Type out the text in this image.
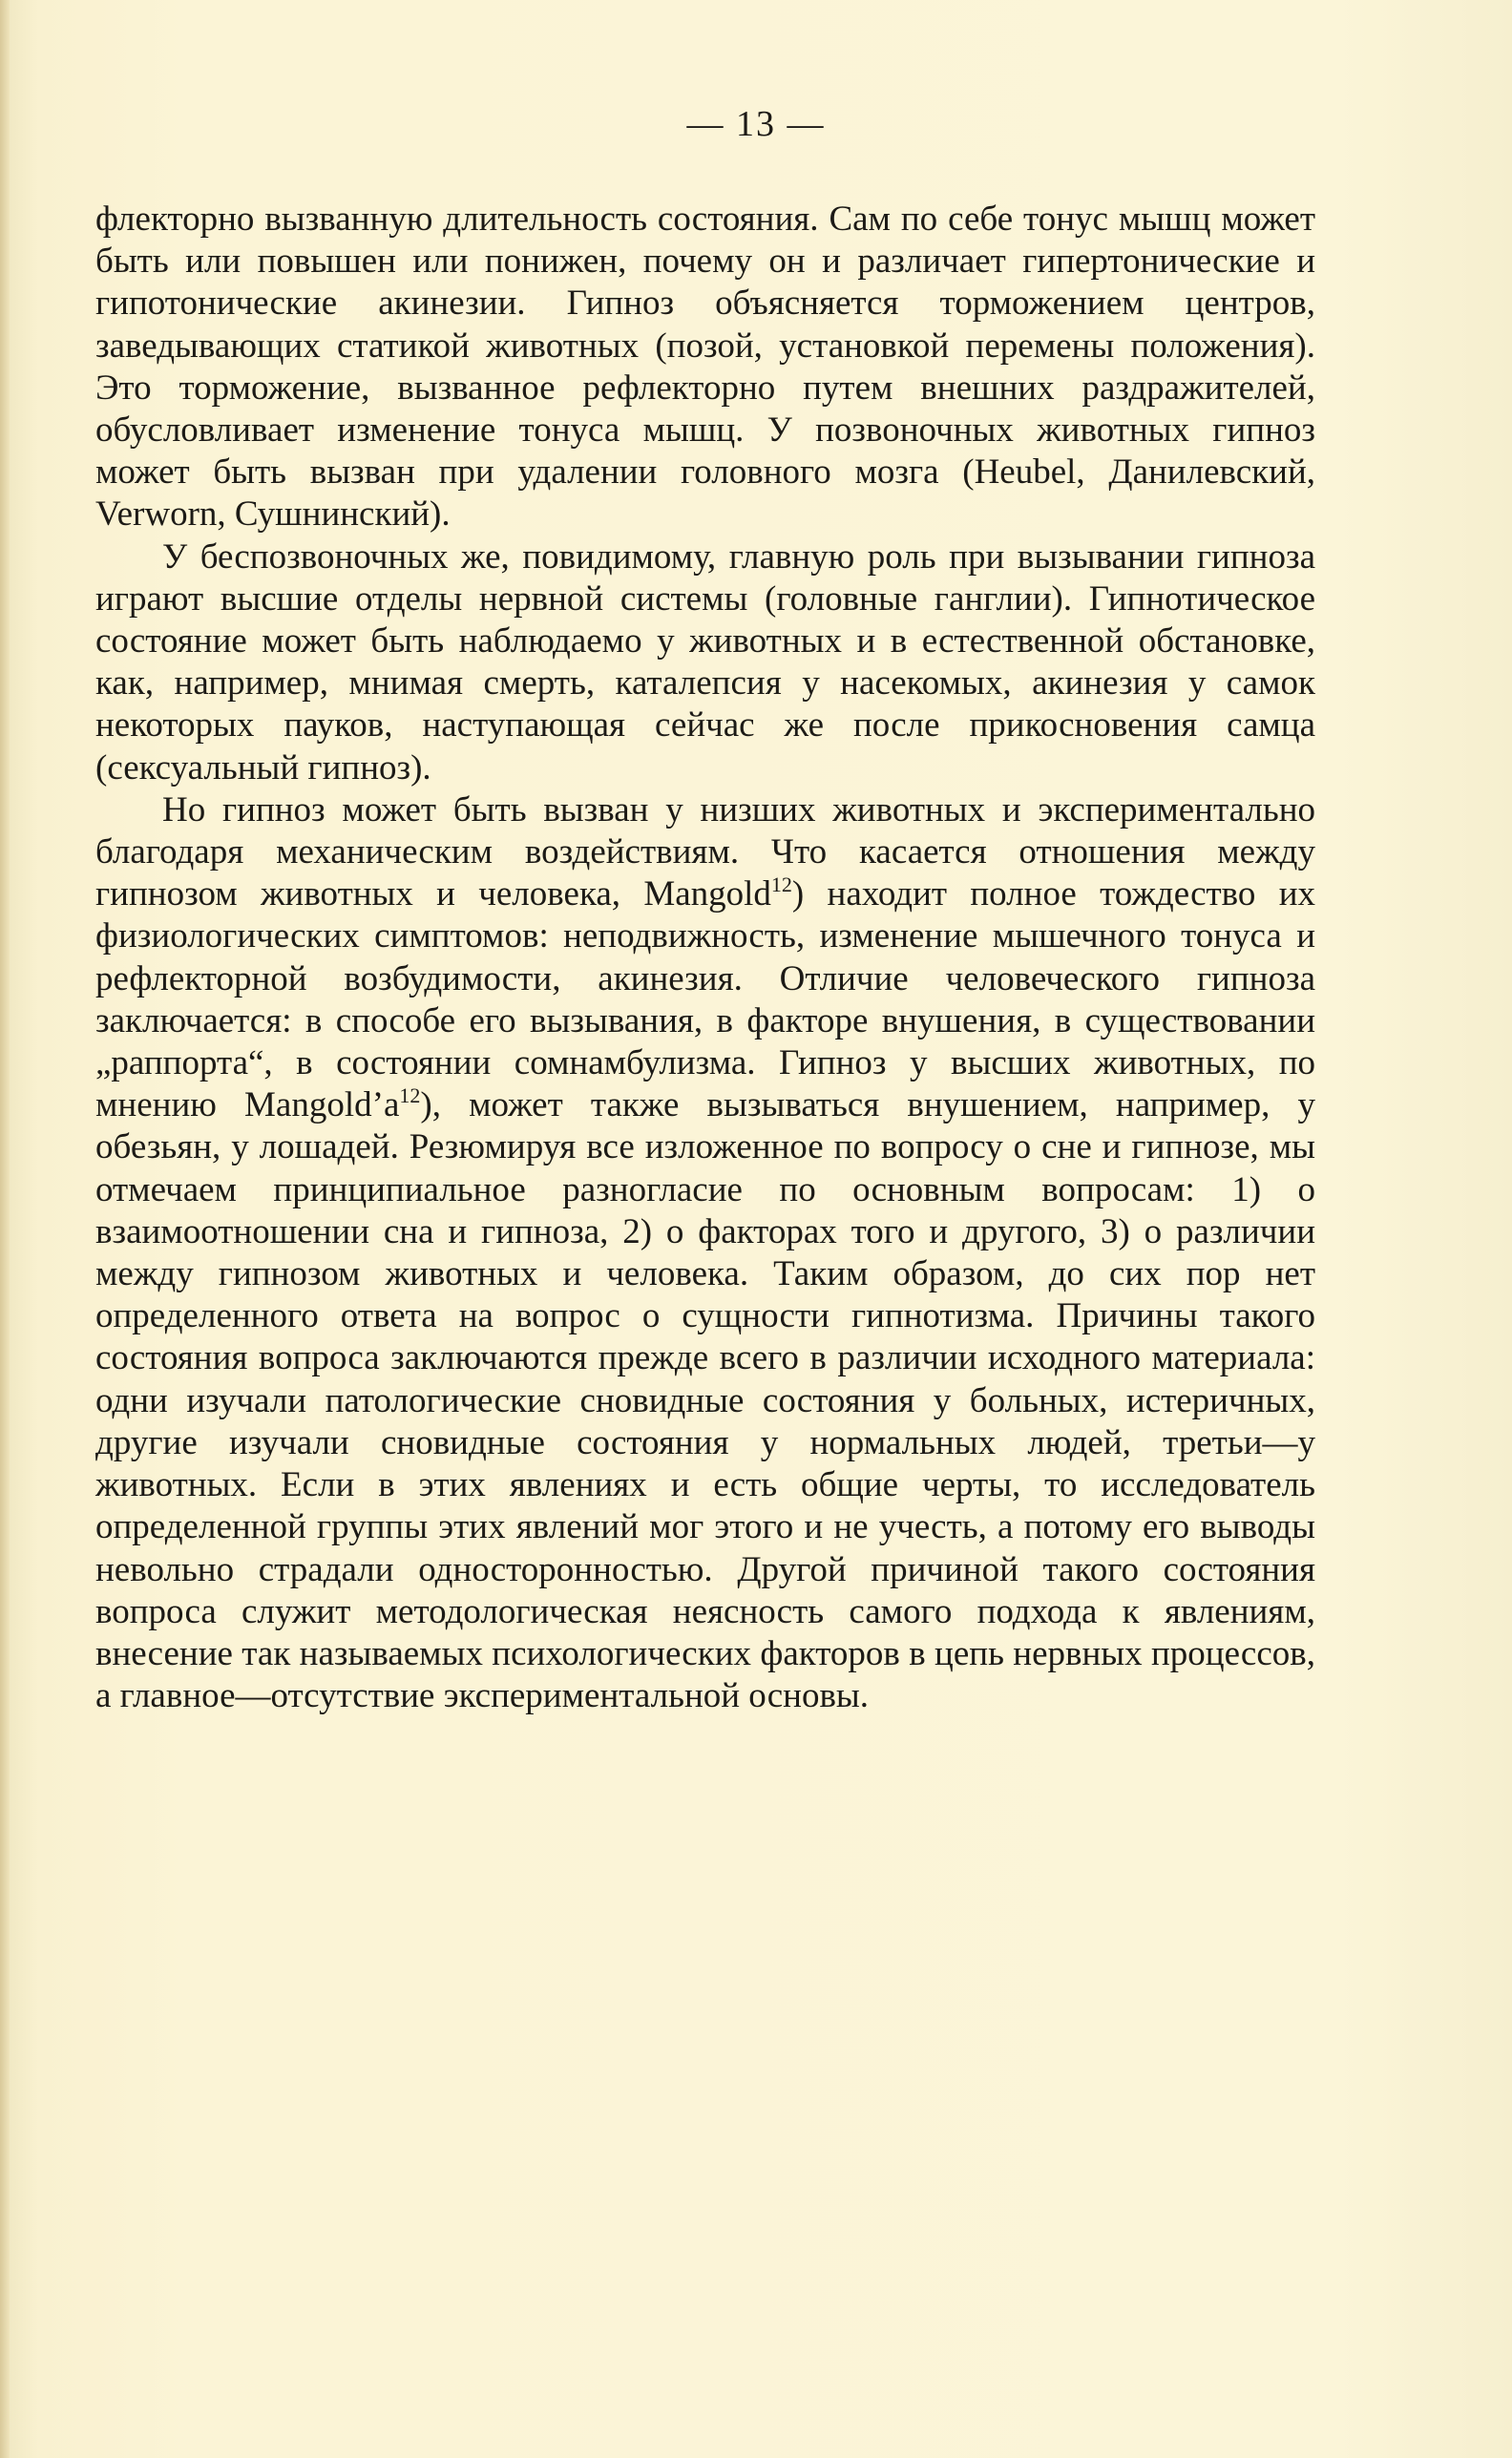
— 13 —

флекторно вызванную длительность состояния. Сам по себе тонус мышц может быть или повышен или понижен, почему он и различает гипертонические и гипотонические акинезии. Гипноз объясняется торможением центров, заведывающих статикой животных (позой, установкой перемены положения). Это торможение, вызванное рефлекторно путем внешних раздражителей, обусловливает изменение тонуса мышц. У позвоночных животных гипноз может быть вызван при удалении головного мозга (Heubel, Данилевский, Verworn, Сушнинский).

У беспозвоночных же, повидимому, главную роль при вызывании гипноза играют высшие отделы нервной системы (головные ганглии). Гипнотическое состояние может быть наблюдаемо у животных и в естественной обстановке, как, например, мнимая смерть, каталепсия у насекомых, акинезия у самок некоторых пауков, наступающая сейчас же после прикосновения самца (сексуальный гипноз).

Но гипноз может быть вызван у низших животных и экспериментально благодаря механическим воздействиям. Что касается отношения между гипнозом животных и человека, Mangold$^{12}$) находит полное тождество их физиологических симптомов: неподвижность, изменение мышечного тонуса и рефлекторной возбудимости, акинезия. Отличие человеческого гипноза заключается: в способе его вызывания, в факторе внушения, в существовании „раппорта“, в состоянии сомнамбулизма. Гипноз у высших животных, по мнению $Mangold’a^{12}$), может также вызываться внушением, например, у обезьян, у лошадей. Резюмируя все изложенное по вопросу о сне и гипнозе, мы отмечаем принципиальное разногласие по основным вопросам: 1) о взаимоотношении сна и гипноза, 2) о факторах того и другого, 3) о различии между гипнозом животных и человека. Таким образом, до сих пор нет определенного ответа на вопрос о сущности гипнотизма. Причины такого состояния вопроса заключаются прежде всего в различии исходного материала: одни изучали патологические сновидные состояния у больных, истеричных, другие изучали сновидные состояния у нормальных людей, третьи—у животных. Если в этих явлениях и есть общие черты, то исследователь определенной группы этих явлений мог этого и не учесть, а потому его выводы невольно страдали односторонностью. Другой причиной такого состояния вопроса служит методологическая неясность самого подхода к явлениям, внесение так называемых психологических факторов в цепь нервных процессов, а главное—отсутствие экспериментальной основы.
